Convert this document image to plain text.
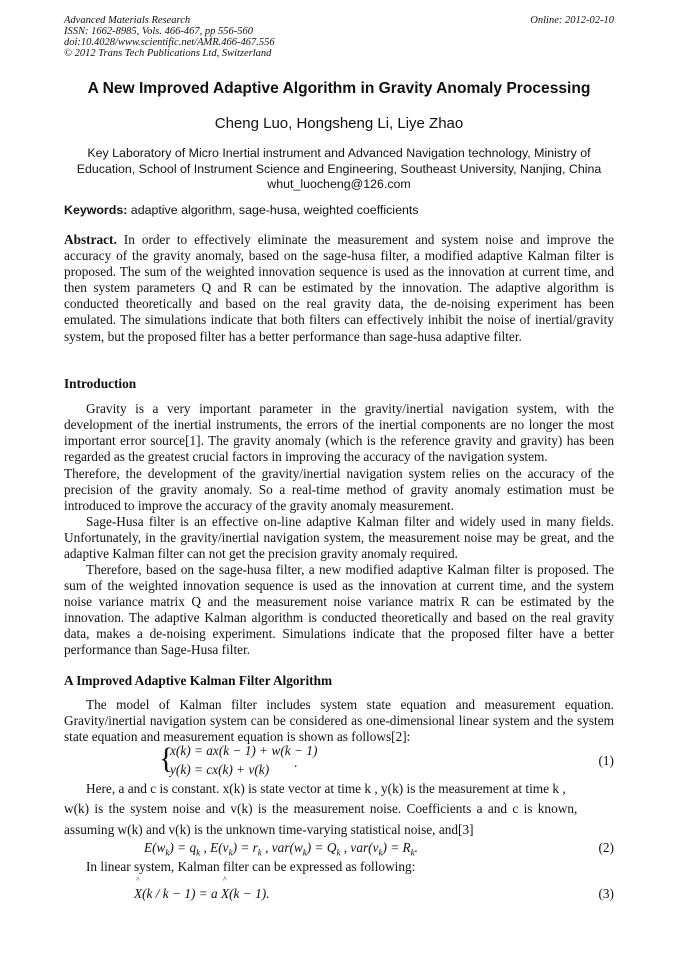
Advanced Materials Research
ISSN: 1662-8985, Vols. 466-467, pp 556-560
doi:10.4028/www.scientific.net/AMR.466-467.556
© 2012 Trans Tech Publications Ltd, Switzerland
Online: 2012-02-10
A New Improved Adaptive Algorithm in Gravity Anomaly Processing
Cheng Luo, Hongsheng Li, Liye Zhao
Key Laboratory of Micro Inertial instrument and Advanced Navigation technology, Ministry of
Education, School of Instrument Science and Engineering, Southeast University, Nanjing, China
whut_luocheng@126.com
Keywords: adaptive algorithm, sage-husa, weighted coefficients
Abstract. In order to effectively eliminate the measurement and system noise and improve the accuracy of the gravity anomaly, based on the sage-husa filter, a modified adaptive Kalman filter is proposed. The sum of the weighted innovation sequence is used as the innovation at current time, and then system parameters Q and R can be estimated by the innovation. The adaptive algorithm is conducted theoretically and based on the real gravity data, the de-noising experiment has been emulated. The simulations indicate that both filters can effectively inhibit the noise of inertial/gravity system, but the proposed filter has a better performance than sage-husa adaptive filter.
Introduction
Gravity is a very important parameter in the gravity/inertial navigation system, with the development of the inertial instruments, the errors of the inertial components are no longer the most important error source[1]. The gravity anomaly (which is the reference gravity and gravity) has been regarded as the greatest crucial factors in improving the accuracy of the navigation system.
Therefore, the development of the gravity/inertial navigation system relies on the accuracy of the precision of the gravity anomaly. So a real-time method of gravity anomaly estimation must be introduced to improve the accuracy of the gravity anomaly measurement.
Sage-Husa filter is an effective on-line adaptive Kalman filter and widely used in many fields. Unfortunately, in the gravity/inertial navigation system, the measurement noise may be great, and the adaptive Kalman filter can not get the precision gravity anomaly required.
Therefore, based on the sage-husa filter, a new modified adaptive Kalman filter is proposed. The sum of the weighted innovation sequence is used as the innovation at current time, and the system noise variance matrix Q and the measurement noise variance matrix R can be estimated by the innovation. The adaptive Kalman algorithm is conducted theoretically and based on the real gravity data, makes a de-noising experiment. Simulations indicate that the proposed filter have a better performance than Sage-Husa filter.
A Improved Adaptive Kalman Filter Algorithm
The model of Kalman filter includes system state equation and measurement equation. Gravity/inertial navigation system can be considered as one-dimensional linear system and the system state equation and measurement equation is shown as follows[2]:
{
x(k) = ax(k − 1) + w(k − 1)
y(k) = cx(k) + v(k) .	(1)
Here, a and c is constant. x(k) is state vector at time k , y(k) is the measurement at time k ,
w(k) is the system noise and v(k) is the measurement noise. Coefficients a and c is known,
assuming w(k) and v(k) is the unknown time-varying statistical noise, and[3]
$E(w_k) = q_k$ , $E(v_k) = r_k$ , $var(w_k) = Q_k$ , $var(v_k) = R_k$.	(2)
In linear system, Kalman filter can be expressed as following:
^ X(k / k − 1) = a ^ X(k − 1).	(3)
